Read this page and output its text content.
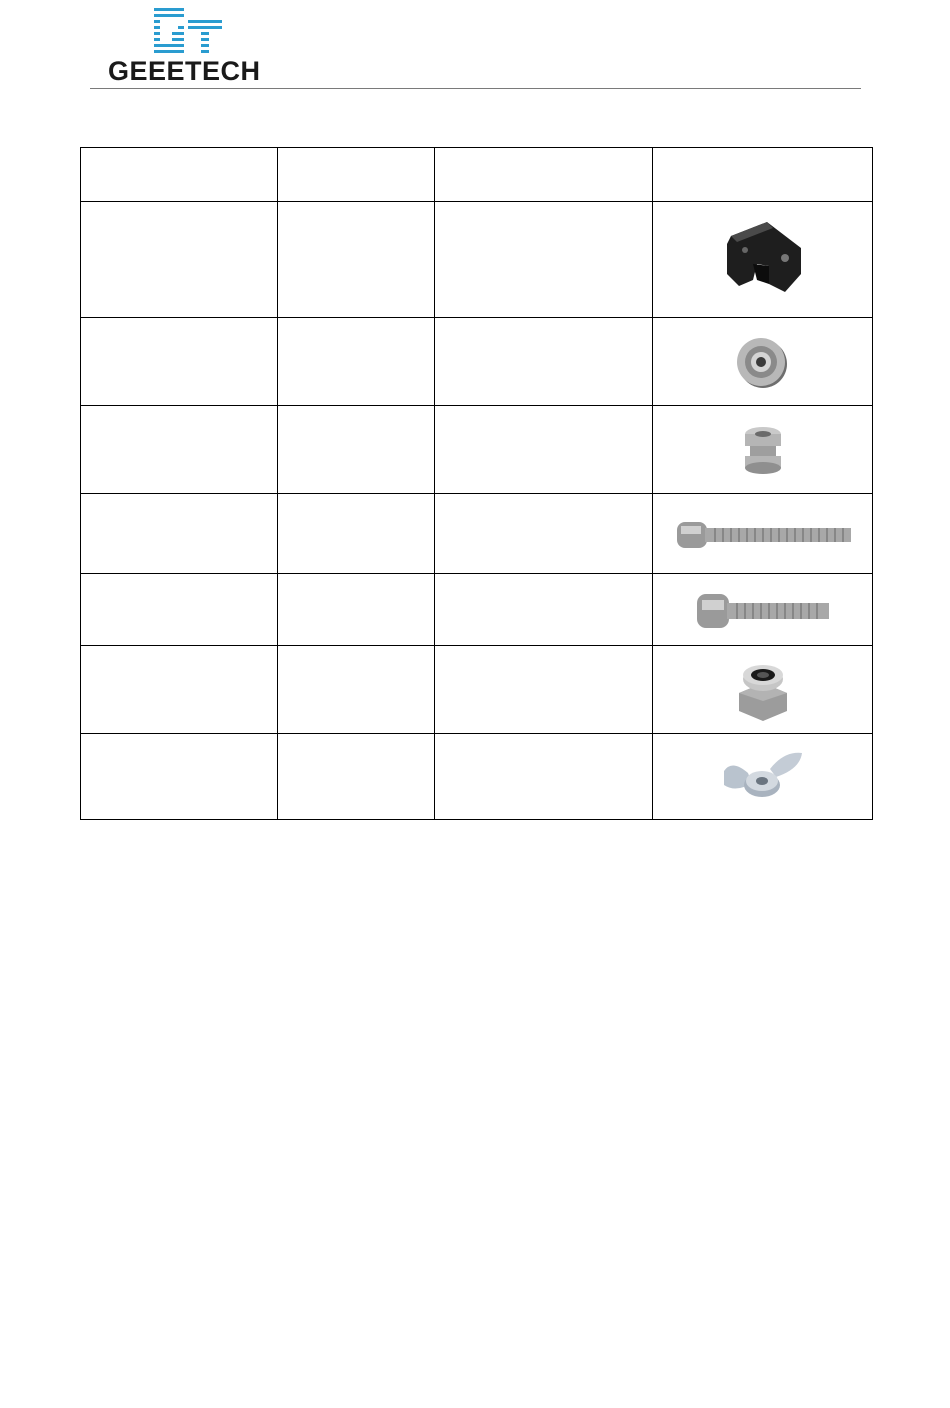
GEEETECH
